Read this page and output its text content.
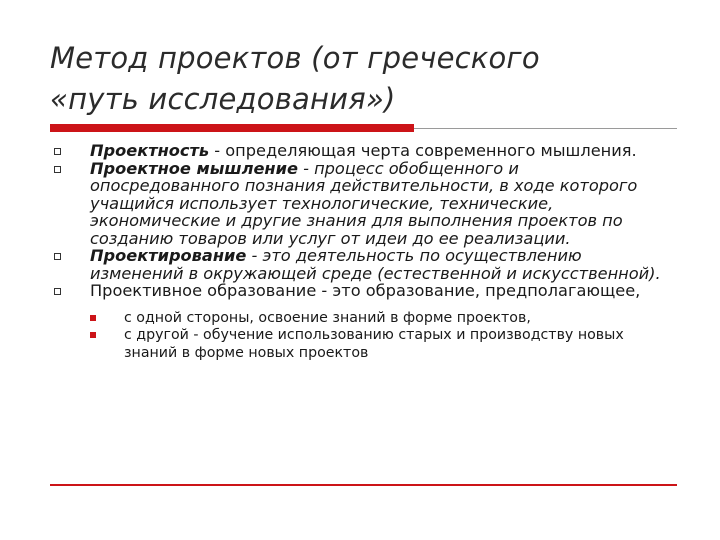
Метод проектов (от греческого
«путь исследования»)
Проектность - определяющая черта современного мышления.
Проектное мышление - процесс обобщенного и опосредованного познания действительности, в ходе которого учащийся использует технологические, технические, экономические и другие знания для выполнения проектов по созданию товаров или услуг от идеи до ее реализации.
Проектирование - это деятельность по осуществлению изменений в окружающей среде (естественной и искусственной).
Проективное образование - это образование, предполагающее,
с одной стороны, освоение знаний в форме проектов,
с другой - обучение использованию старых и производству новых знаний в форме новых проектов
